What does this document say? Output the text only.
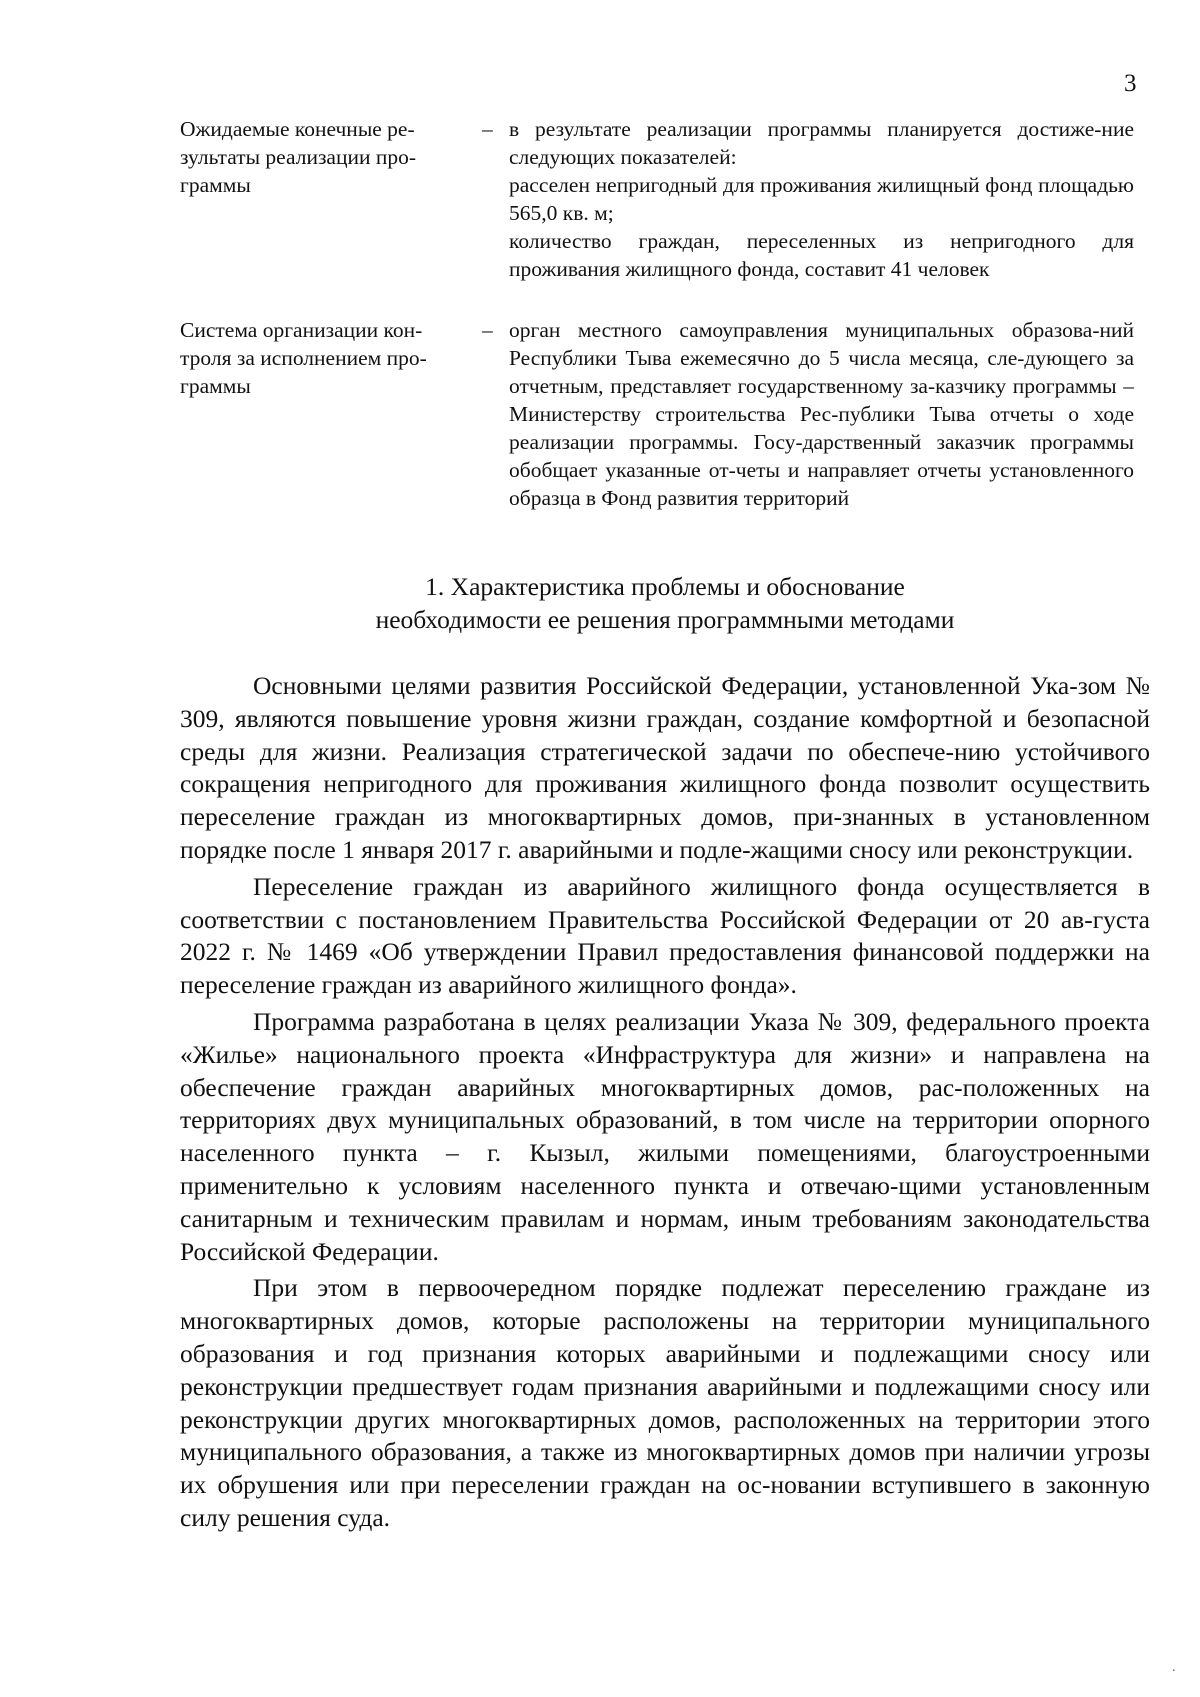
3
Ожидаемые конечные ре-
зультаты реализации про-
граммы
– в результате реализации программы планируется достиже-ние следующих показателей:

расселен непригодный для проживания жилищный фонд площадью 565,0 кв. м;

количество граждан, переселенных из непригодного для проживания жилищного фонда, составит 41 человек

Система организации кон-
троля за исполнением про-
граммы
– орган местного самоуправления муниципальных образова-ний Республики Тыва ежемесячно до 5 числа месяца, сле-дующего за отчетным, представляет государственному за-казчику программы – Министерству строительства Рес-публики Тыва отчеты о ходе реализации программы. Госу-дарственный заказчик программы обобщает указанные от-четы и направляет отчеты установленного образца в Фонд развития территорий

1. Характеристика проблемы и обоснование
необходимости ее решения программными методами

Основными целями развития Российской Федерации, установленной Ука-зом № 309, являются повышение уровня жизни граждан, создание комфортной и безопасной среды для жизни. Реализация стратегической задачи по обеспече-нию устойчивого сокращения непригодного для проживания жилищного фонда позволит осуществить переселение граждан из многоквартирных домов, при-знанных в установленном порядке после 1 января 2017 г. аварийными и подле-жащими сносу или реконструкции.

Переселение граждан из аварийного жилищного фонда осуществляется в соответствии с постановлением Правительства Российской Федерации от 20 ав-густа 2022 г. № 1469 «Об утверждении Правил предоставления финансовой поддержки на переселение граждан из аварийного жилищного фонда».

Программа разработана в целях реализации Указа № 309, федерального проекта «Жилье» национального проекта «Инфраструктура для жизни» и направлена на обеспечение граждан аварийных многоквартирных домов, рас-положенных на территориях двух муниципальных образований, в том числе на территории опорного населенного пункта – г. Кызыл, жилыми помещениями, благоустроенными применительно к условиям населенного пункта и отвечаю-щими установленным санитарным и техническим правилам и нормам, иным требованиям законодательства Российской Федерации.

При этом в первоочередном порядке подлежат переселению граждане из многоквартирных домов, которые расположены на территории муниципального образования и год признания которых аварийными и подлежащими сносу или реконструкции предшествует годам признания аварийными и подлежащими сносу или реконструкции других многоквартирных домов, расположенных на территории этого муниципального образования, а также из многоквартирных домов при наличии угрозы их обрушения или при переселении граждан на ос-новании вступившего в законную силу решения суда.

.
